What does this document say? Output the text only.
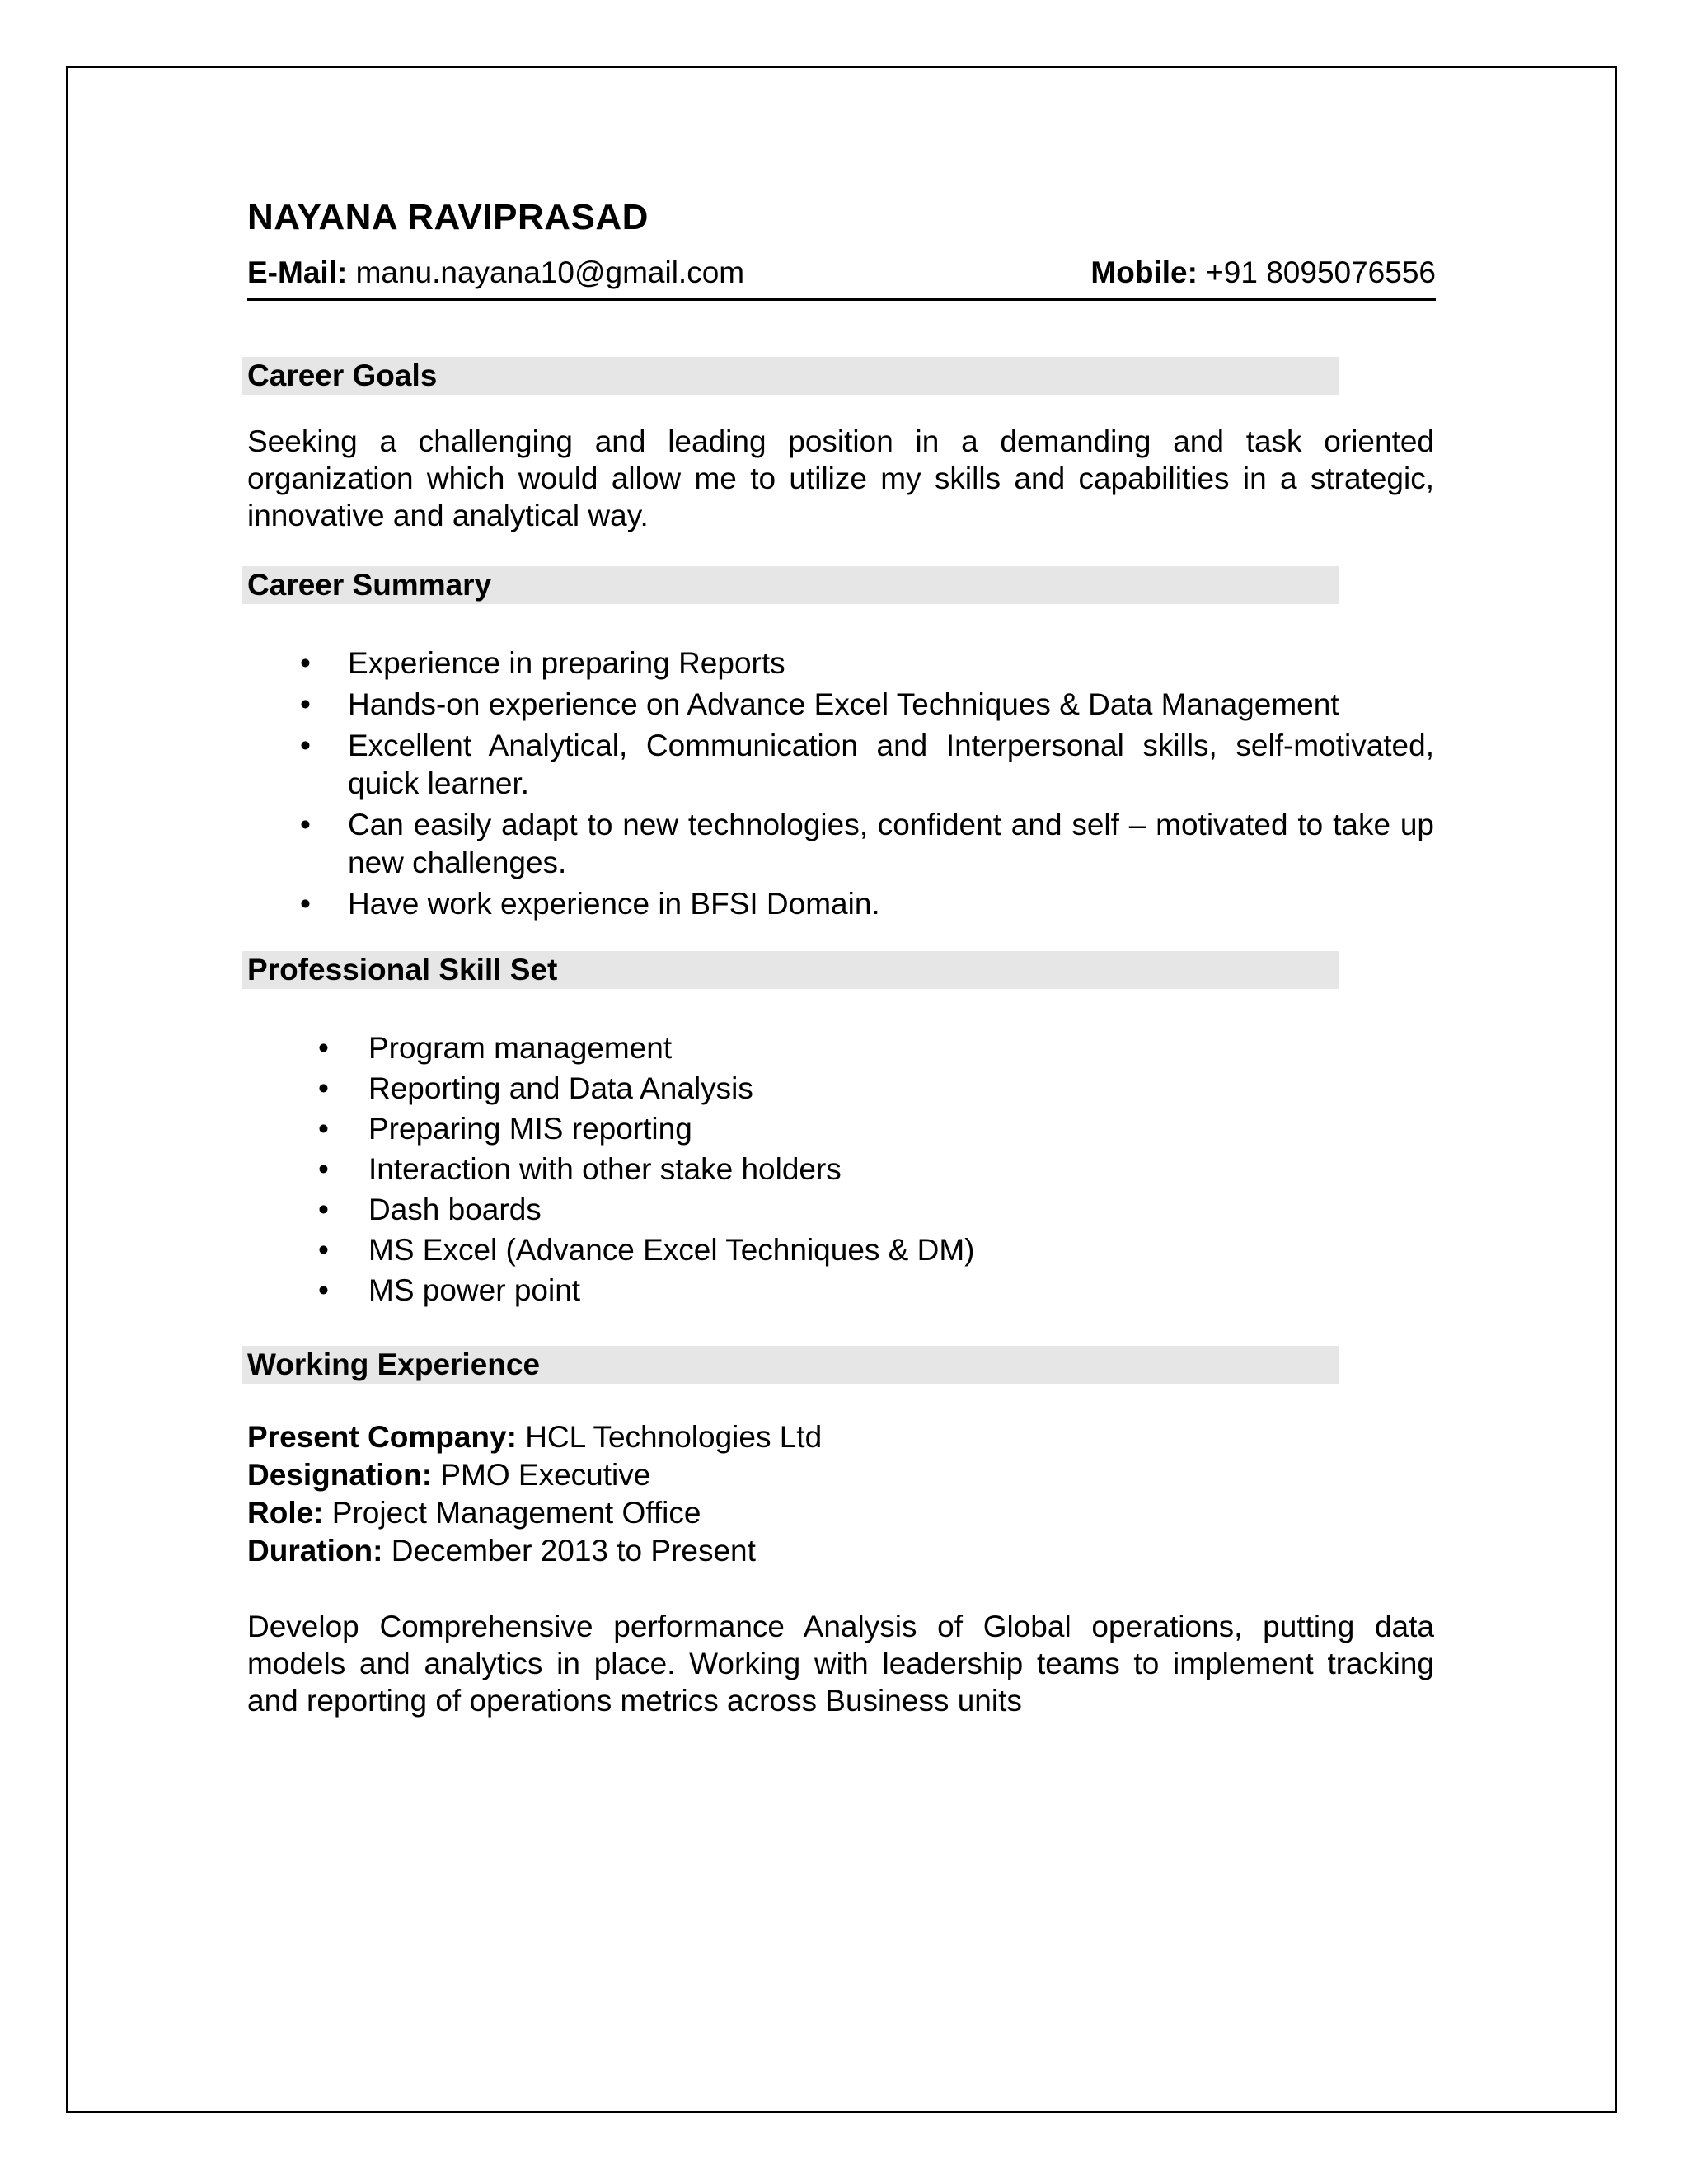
NAYANA RAVIPRASAD
E-Mail: manu.nayana10@gmail.com	Mobile: +91 8095076556
Career Goals
Seeking a challenging and leading position in a demanding and task oriented organization which would allow me to utilize my skills and capabilities in a strategic, innovative and analytical way.
Career Summary
• Experience in preparing Reports
• Hands-on experience on Advance Excel Techniques & Data Management
• Excellent Analytical, Communication and Interpersonal skills, self-motivated, quick learner.
• Can easily adapt to new technologies, confident and self – motivated to take up new challenges.
• Have work experience in BFSI Domain.
Professional Skill Set
• Program management
• Reporting and Data Analysis
• Preparing MIS reporting
• Interaction with other stake holders
• Dash boards
• MS Excel (Advance Excel Techniques & DM)
• MS power point
Working Experience
Present Company: HCL Technologies Ltd
Designation: PMO Executive
Role: Project Management Office
Duration: December 2013 to Present
Develop Comprehensive performance Analysis of Global operations, putting data models and analytics in place. Working with leadership teams to implement tracking and reporting of operations metrics across Business units
